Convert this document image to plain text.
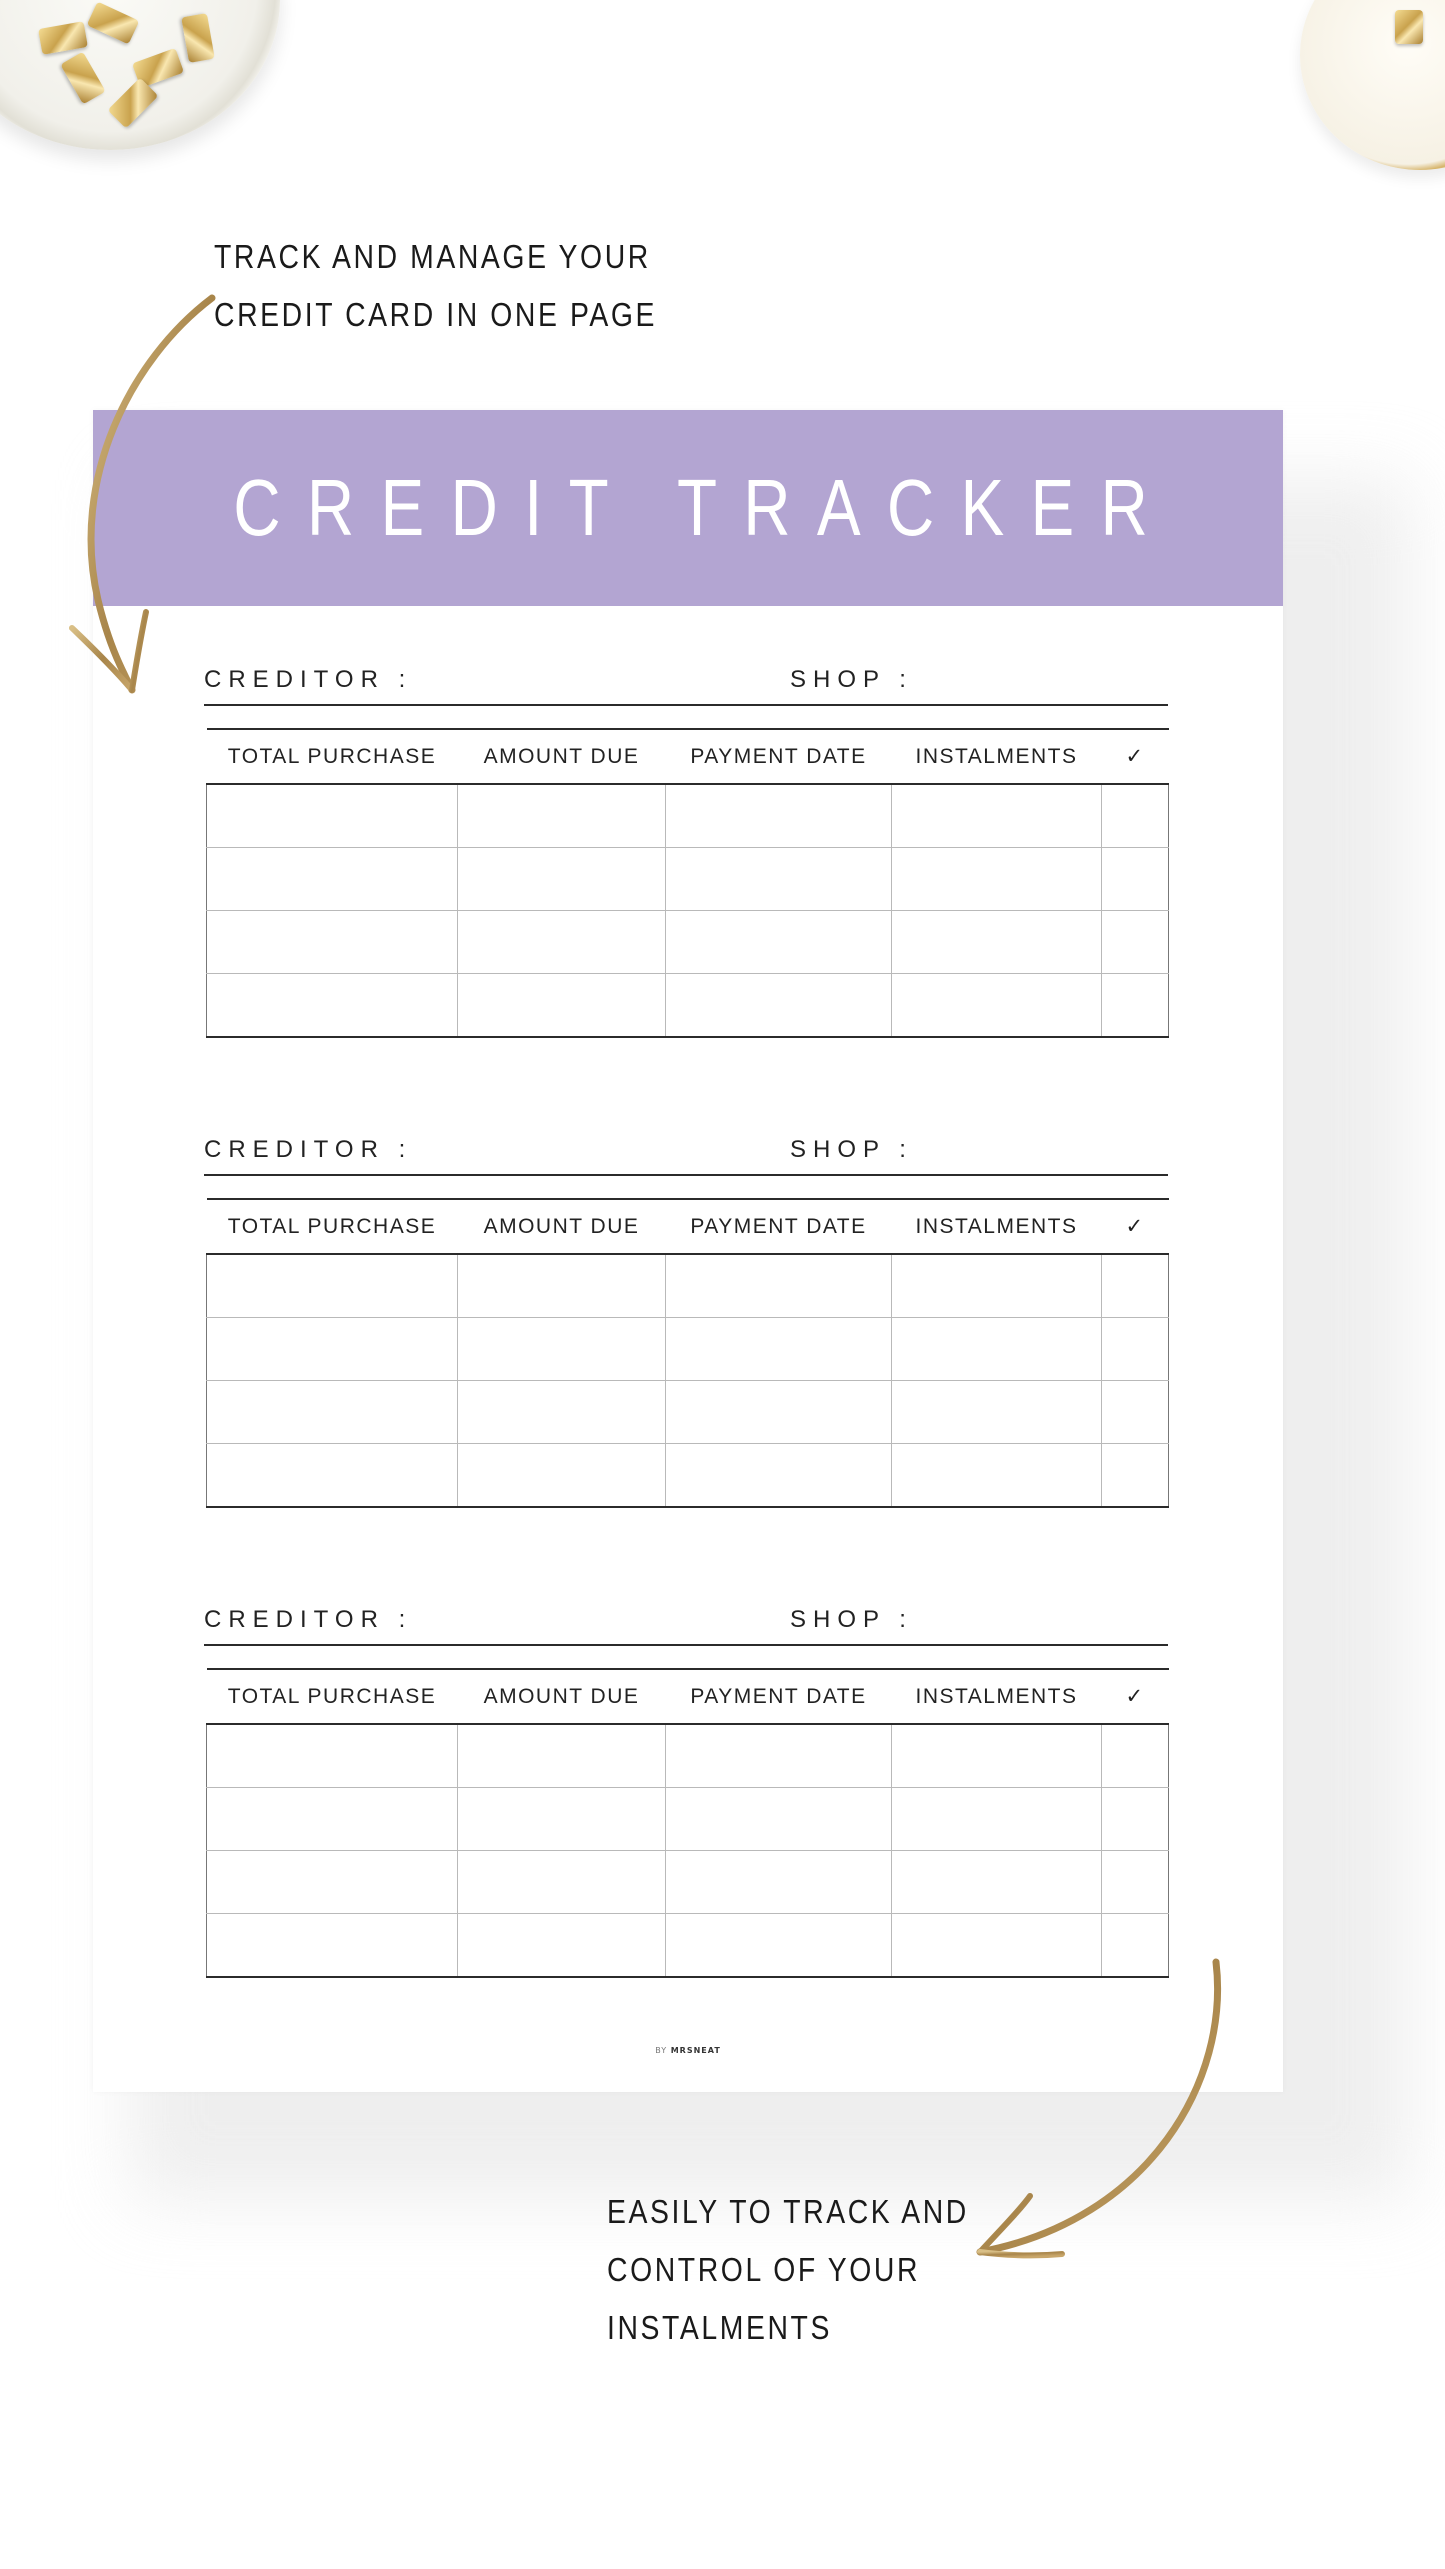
TRACK AND MANAGE YOUR
CREDIT CARD IN ONE PAGE
CREDIT TRACKER
CREDITOR :	SHOP :
TOTAL PURCHASE	AMOUNT DUE	PAYMENT DATE	INSTALMENTS	✓

CREDITOR :	SHOP :
TOTAL PURCHASE	AMOUNT DUE	PAYMENT DATE	INSTALMENTS	✓

CREDITOR :	SHOP :
TOTAL PURCHASE	AMOUNT DUE	PAYMENT DATE	INSTALMENTS	✓

BY MRSNEAT
EASILY TO TRACK AND
CONTROL OF YOUR
INSTALMENTS
